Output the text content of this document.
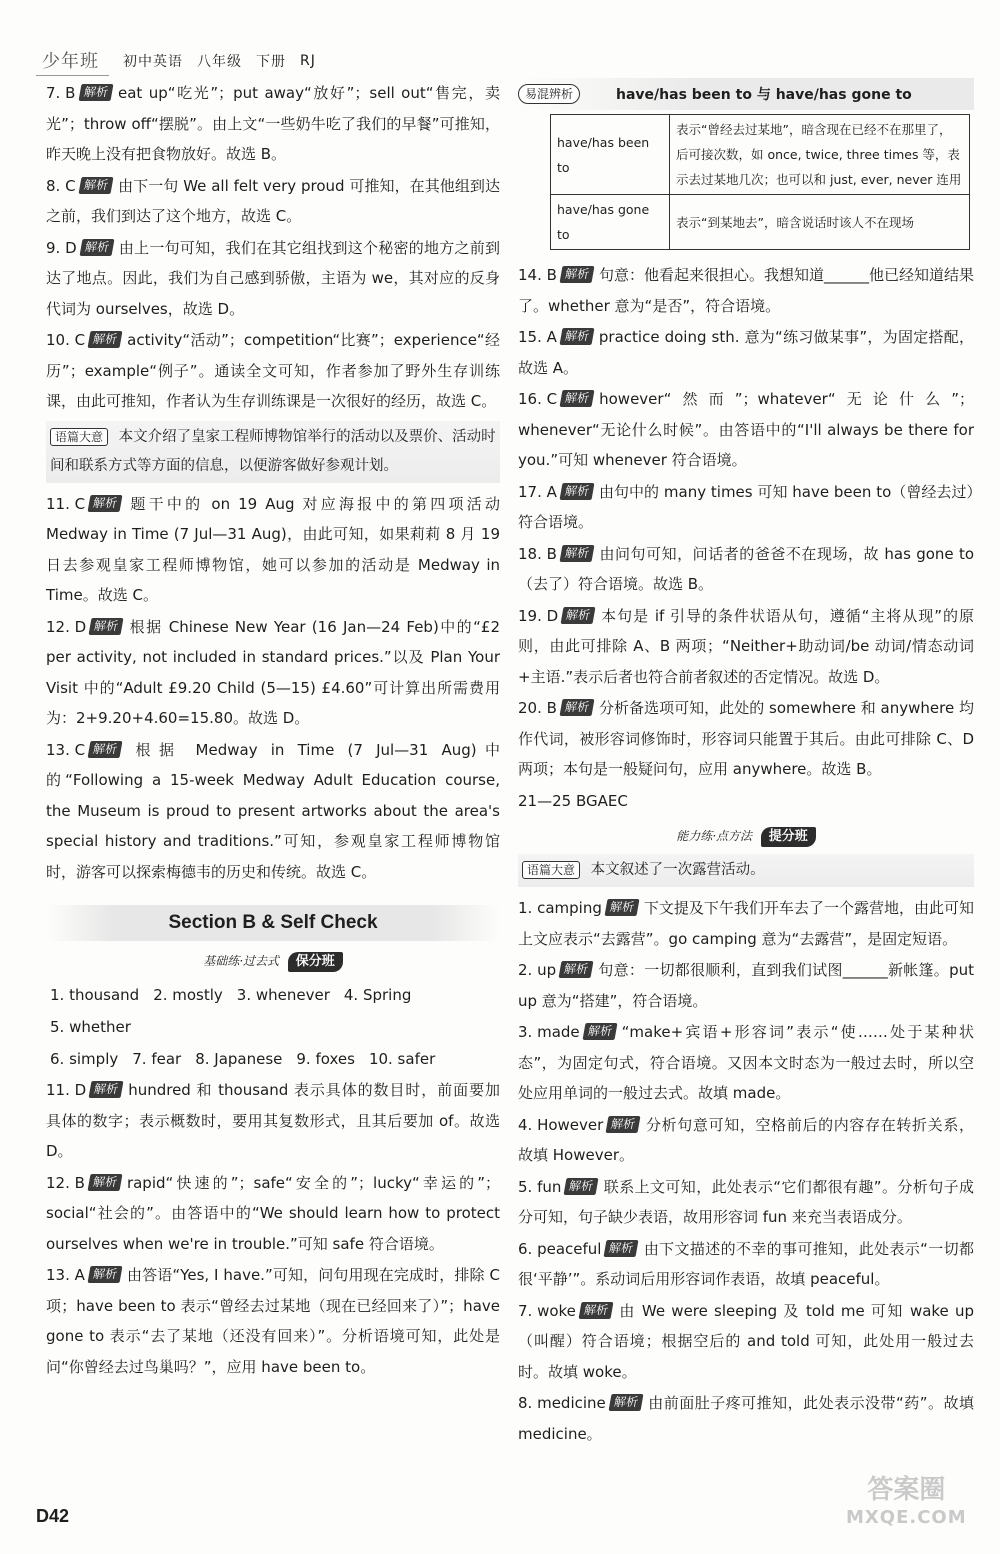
少年班	初中英语 八年级 下册 RJ
7. B 解析 eat up“吃光”；put away“放好”；sell out“售完，卖光”；throw off“摆脱”。由上文“一些奶牛吃了我们的早餐”可推知，昨天晚上没有把食物放好。故选 B。
8. C 解析 由下一句 We all felt very proud 可推知，在其他组到达之前，我们到达了这个地方，故选 C。
9. D 解析 由上一句可知，我们在其它组找到这个秘密的地方之前到达了地点。因此，我们为自己感到骄傲，主语为 we，其对应的反身代词为 ourselves，故选 D。
10. C 解析 activity“活动”；competition“比赛”；experience“经历”；example“例子”。通读全文可知，作者参加了野外生存训练课，由此可推知，作者认为生存训练课是一次很好的经历，故选 C。
语篇大意 本文介绍了皇家工程师博物馆举行的活动以及票价、活动时间和联系方式等方面的信息，以便游客做好参观计划。
11. C 解析 题干中的 on 19 Aug 对应海报中的第四项活动 Medway in Time (7 Jul—31 Aug)，由此可知，如果莉莉 8 月 19 日去参观皇家工程师博物馆，她可以参加的活动是 Medway in Time。故选 C。
12. D 解析 根据 Chinese New Year (16 Jan—24 Feb)中的“£2 per activity, not included in standard prices.”以及 Plan Your Visit 中的“Adult £9.20 Child (5—15) £4.60”可计算出所需费用为：2+9.20+4.60=15.80。故选 D。
13. C 解析 根据 Medway in Time (7 Jul—31 Aug)中的“Following a 15-week Medway Adult Education course, the Museum is proud to present artworks about the area's special history and traditions.”可知，参观皇家工程师博物馆时，游客可以探索梅德韦的历史和传统。故选 C。
Section B & Self Check
基础练·过去式 保分班
1. thousand 2. mostly 3. whenever 4. Spring
5. whether
6. simply 7. fear 8. Japanese 9. foxes 10. safer
11. D 解析 hundred 和 thousand 表示具体的数目时，前面要加具体的数字；表示概数时，要用其复数形式，且其后要加 of。故选 D。
12. B 解析 rapid“快速的”；safe“安全的”；lucky“幸运的”；social“社会的”。由答语中的“We should learn how to protect ourselves when we're in trouble.”可知 safe 符合语境。
13. A 解析 由答语“Yes, I have.”可知，问句用现在完成时，排除 C 项；have been to 表示“曾经去过某地（现在已经回来了）”；have gone to 表示“去了某地（还没有回来）”。分析语境可知，此处是问“你曾经去过鸟巢吗？”，应用 have been to。
易混辨析	have/has been to 与 have/has gone to
have/has been to	表示“曾经去过某地”，暗含现在已经不在那里了，后可接次数，如 once, twice, three times 等，表示去过某地几次；也可以和 just, ever, never 连用
have/has gone to	表示“到某地去”，暗含说话时该人不在现场
14. B 解析 句意：他看起来很担心。我想知道______他已经知道结果了。whether 意为“是否”，符合语境。
15. A 解析 practice doing sth. 意为“练习做某事”，为固定搭配，故选 A。
16. C 解析 however“然而”；whatever“无论什么”；whenever“无论什么时候”。由答语中的“I'll always be there for you.”可知 whenever 符合语境。
17. A 解析 由句中的 many times 可知 have been to（曾经去过）符合语境。
18. B 解析 由问句可知，问话者的爸爸不在现场，故 has gone to（去了）符合语境。故选 B。
19. D 解析 本句是 if 引导的条件状语从句，遵循“主将从现”的原则，由此可排除 A、B 两项；“Neither+助动词/be 动词/情态动词+主语.”表示后者也符合前者叙述的否定情况。故选 D。
20. B 解析 分析备选项可知，此处的 somewhere 和 anywhere 均作代词，被形容词修饰时，形容词只能置于其后。由此可排除 C、D 两项；本句是一般疑问句，应用 anywhere。故选 B。
21—25 BGAEC
能力练·点方法 提分班
语篇大意 本文叙述了一次露营活动。
1. camping 解析 下文提及下午我们开车去了一个露营地，由此可知上文应表示“去露营”。go camping 意为“去露营”，是固定短语。
2. up 解析 句意：一切都很顺利，直到我们试图______新帐篷。put up 意为“搭建”，符合语境。
3. made 解析 “make+宾语+形容词”表示“使……处于某种状态”，为固定句式，符合语境。又因本文时态为一般过去时，所以空处应用单词的一般过去式。故填 made。
4. However 解析 分析句意可知，空格前后的内容存在转折关系，故填 However。
5. fun 解析 联系上文可知，此处表示“它们都很有趣”。分析句子成分可知，句子缺少表语，故用形容词 fun 来充当表语成分。
6. peaceful 解析 由下文描述的不幸的事可推知，此处表示“一切都很‘平静’”。系动词后用形容词作表语，故填 peaceful。
7. woke 解析 由 We were sleeping 及 told me 可知 wake up（叫醒）符合语境；根据空后的 and told 可知，此处用一般过去时。故填 woke。
8. medicine 解析 由前面肚子疼可推知，此处表示没带“药”。故填 medicine。
D42
答案圈
MXQE.COM
